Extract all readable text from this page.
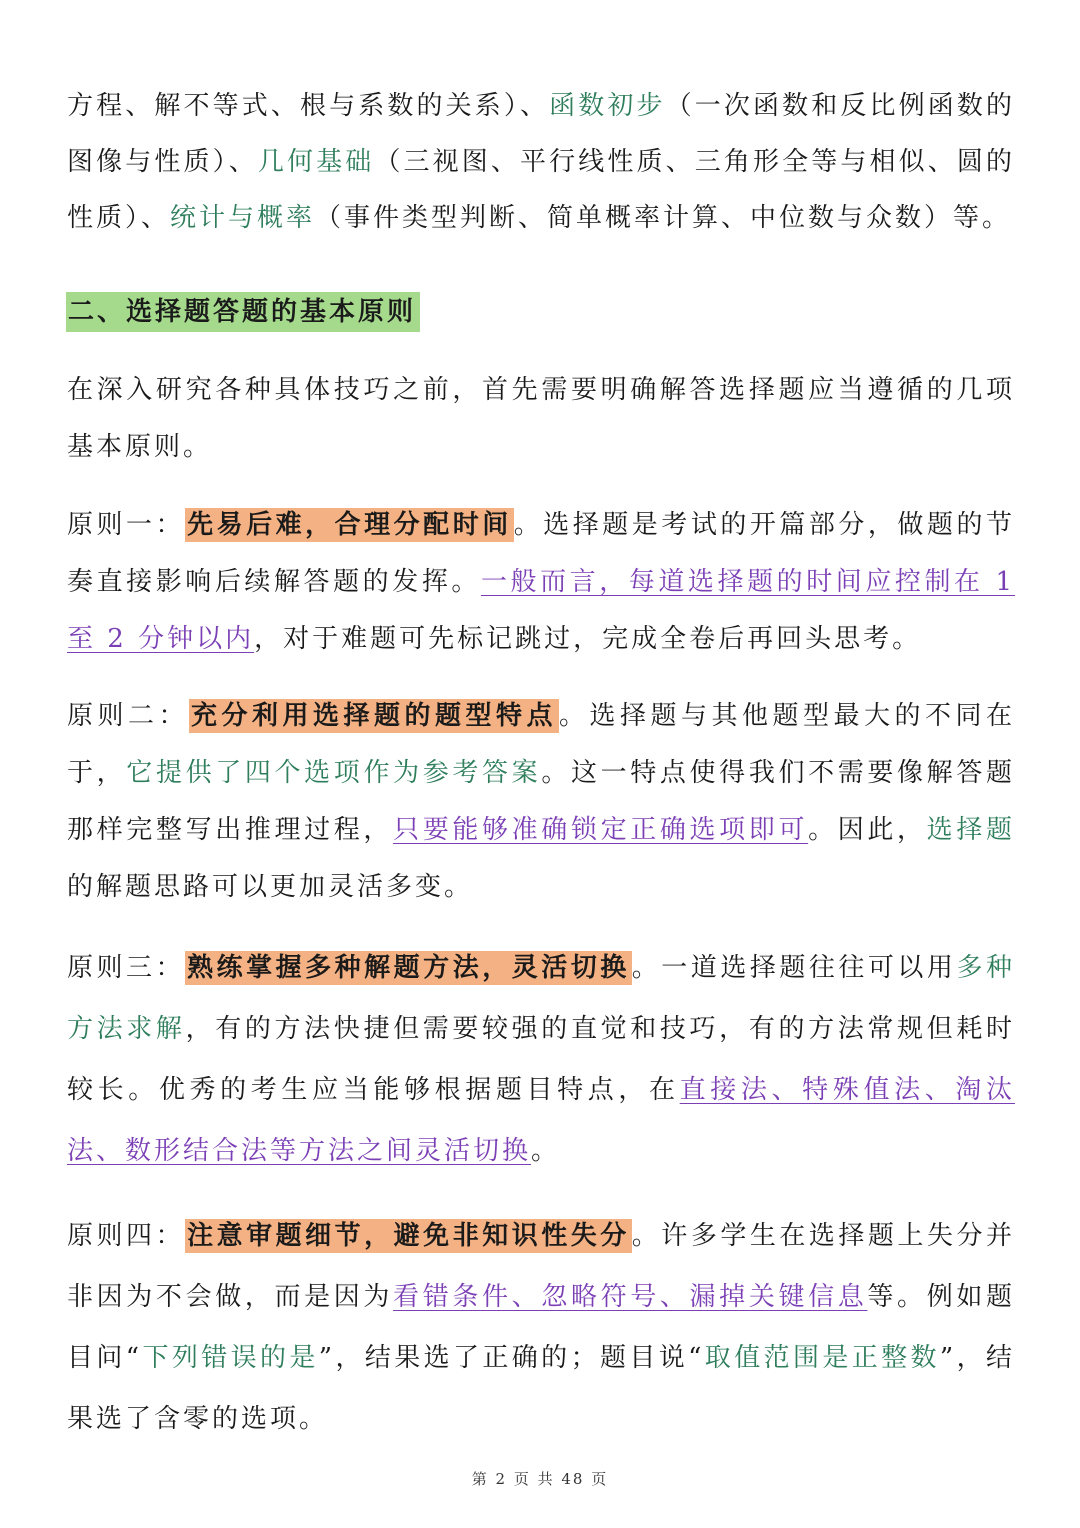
方程、解不等式、根与系数的关系）、函数初步（一次函数和反比例函数的图像与性质）、几何基础（三视图、平行线性质、三角形全等与相似、圆的性质）、统计与概率（事件类型判断、简单概率计算、中位数与众数）等。

二、选择题答题的基本原则

在深入研究各种具体技巧之前，首先需要明确解答选择题应当遵循的几项基本原则。

原则一：先易后难，合理分配时间。选择题是考试的开篇部分，做题的节奏直接影响后续解答题的发挥。一般而言，每道选择题的时间应控制在 1 至 2 分钟以内，对于难题可先标记跳过，完成全卷后再回头思考。

原则二：充分利用选择题的题型特点。选择题与其他题型最大的不同在于，它提供了四个选项作为参考答案。这一特点使得我们不需要像解答题那样完整写出推理过程，只要能够准确锁定正确选项即可。因此，选择题的解题思路可以更加灵活多变。

原则三：熟练掌握多种解题方法，灵活切换。一道选择题往往可以用多种方法求解，有的方法快捷但需要较强的直觉和技巧，有的方法常规但耗时较长。优秀的考生应当能够根据题目特点，在直接法、特殊值法、淘汰法、数形结合法等方法之间灵活切换。

原则四：注意审题细节，避免非知识性失分。许多学生在选择题上失分并非因为不会做，而是因为看错条件、忽略符号、漏掉关键信息等。例如题目问“下列错误的是”，结果选了正确的；题目说“取值范围是正整数”，结果选了含零的选项。

第 2 页 共 48 页
